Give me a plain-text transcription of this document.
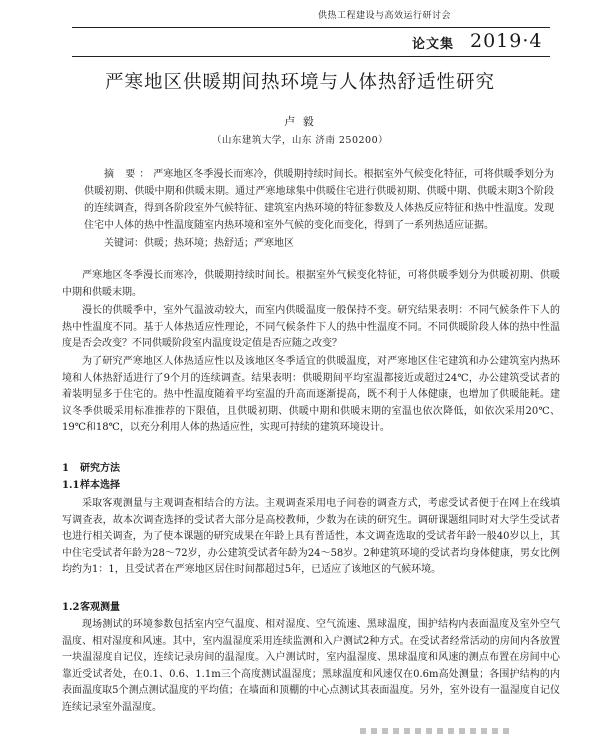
供热工程建设与高效运行研讨会
论文集 2019·4
严寒地区供暖期间热环境与人体热舒适性研究
卢 毅
（山东建筑大学，山东 济南 250200）
摘 要：严寒地区冬季漫长而寒冷，供暖期持续时间长。根据室外气候变化特征，可将供暖季划分为供暖初期、供暖中期和供暖末期。通过严寒地球集中供暖住宅进行供暖初期、供暖中期、供暖末期3个阶段的连续调查，得到各阶段室外气候特征、建筑室内热环境的特征参数及人体热反应特征和热中性温度。发现住宅中人体的热中性温度随室内热环境和室外气候的变化而变化，得到了一系列热适应证据。
关键词：供暖；热环境；热舒适；严寒地区

严寒地区冬季漫长而寒冷，供暖期持续时间长。根据室外气候变化特征，可将供暖季划分为供暖初期、供暖中期和供暖末期。

漫长的供暖季中，室外气温波动较大，而室内供暖温度一般保持不变。研究结果表明：不同气候条件下人的热中性温度不同。基于人体热适应性理论，不同气候条件下人的热中性温度不同。不同供暖阶段人体的热中性温度是否会改变？不同供暖阶段室内温度设定值是否应随之改变？

为了研究严寒地区人体热适应性以及该地区冬季适宜的供暖温度，对严寒地区住宅建筑和办公建筑室内热环境和人体热舒适进行了9个月的连续调查。结果表明：供暖期间平均室温都接近或超过24℃，办公建筑受试者的着装明显多于住宅的。热中性温度随着平均室温的升高而逐渐提高，既不利于人体健康，也增加了供暖能耗。建议冬季供暖采用标准推荐的下限值，且供暖初期、供暖中期和供暖末期的室温也依次降低，如依次采用20℃、19℃和18℃，以充分利用人体的热适应性，实现可持续的建筑环境设计。

1 研究方法
1.1样本选择

采取客观测量与主观调查相结合的方法。主观调查采用电子问卷的调查方式，考虑受试者便于在网上在线填写调查表，故本次调查选择的受试者大部分是高校教师，少数为在读的研究生。调研课题组同时对大学生受试者也进行相关调查，为了使本课题的研究成果在年龄上具有普适性，本文调查选取的受试者年龄一般40岁以上，其中住宅受试者年龄为28～72岁，办公建筑受试者年龄为24～58岁。2种建筑环境的受试者均身体健康，男女比例均约为1：1，且受试者在严寒地区居住时间都超过5年，已适应了该地区的气候环境。

1.2客观测量

现场测试的环境参数包括室内空气温度、相对湿度、空气流速、黑球温度，围护结构内表面温度及室外空气温度、相对湿度和风速。其中，室内温湿度采用连续监测和入户测试2种方式。在受试者经常活动的房间内各放置一块温湿度自记仪，连续记录房间的温湿度。入户测试时，室内温湿度、黑球温度和风速的测点布置在房间中心靠近受试者处，在0.1、0.6、1.1m三个高度测试温湿度；黑球温度和风速仅在0.6m高处测量；各围护结构的内表面温度取5个测点测试温度的平均值；在墙面和顶棚的中心点测试其表面温度。另外，室外设有一温湿度自记仪连续记录室外温湿度。
